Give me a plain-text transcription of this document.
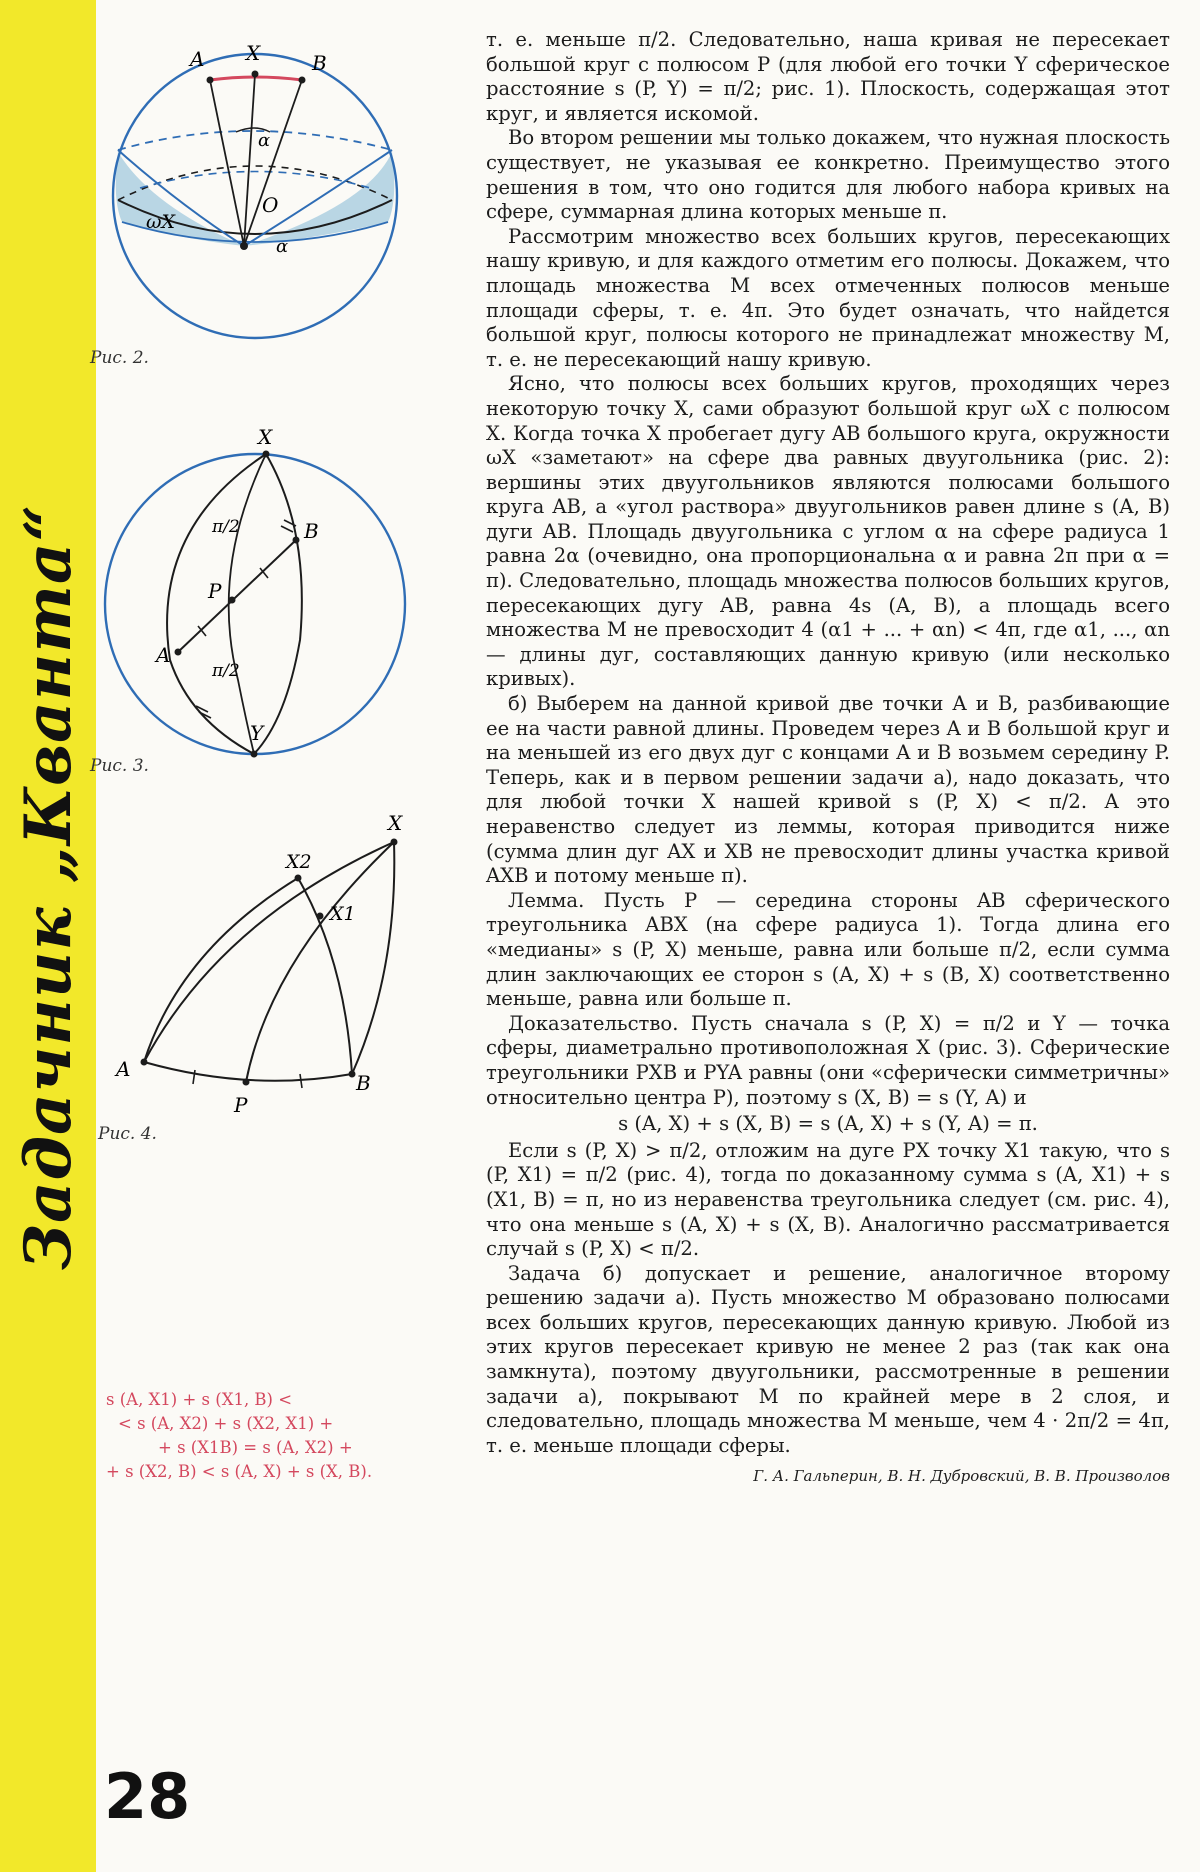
28
A X	B
α
O
ωX
α
Рис. 2.
X
B
P
A
Y
π/2
π/2
Рис. 3.
X
X2
X1
A
P
B
Рис. 4.
s (A, X1) + s (X1, B) <
< s (A, X2) + s (X2, X1) +
+ s (X1B) = s (A, X2) +
+ s (X2, B) < s (A, X) + s (X, B).

т. е. меньше π/2. Следовательно, наша кривая не пересекает большой круг с полюсом P (для любой его точки Y сферическое расстояние s (P, Y) = π/2; рис. 1). Плоскость, содержащая этот круг, и является искомой.

Во втором решении мы только докажем, что нужная плоскость существует, не указывая ее конкретно. Преимущество этого решения в том, что оно годится для любого набора кривых на сфере, суммарная длина которых меньше π.

Рассмотрим множество всех больших кругов, пересекающих нашу кривую, и для каждого отметим его полюсы. Докажем, что площадь множества M всех отмеченных полюсов меньше площади сферы, т. е. 4π. Это будет означать, что найдется большой круг, полюсы которого не принадлежат множеству M, т. е. не пересекающий нашу кривую.

Ясно, что полюсы всех больших кругов, проходящих через некоторую точку X, сами образуют большой круг ωX с полюсом X. Когда точка X пробегает дугу AB большого круга, окружности ωX «заметают» на сфере два равных двуугольника (рис. 2): вершины этих двуугольников являются полюсами большого круга AB, а «угол раствора» двуугольников равен длине s (A, B) дуги AB. Площадь двуугольника с углом α на сфере радиуса 1 равна 2α (очевидно, она пропорциональна α и равна 2π при α = π). Следовательно, площадь множества полюсов больших кругов, пересекающих дугу AB, равна 4s (A, B), а площадь всего множества M не превосходит 4 (α1 + ... + αn) < 4π, где α1, ..., αn — длины дуг, составляющих данную кривую (или несколько кривых).

б) Выберем на данной кривой две точки A и B, разбивающие ее на части равной длины. Проведем через A и B большой круг и на меньшей из его двух дуг с концами A и B возьмем середину P. Теперь, как и в первом решении задачи а), надо доказать, что для любой точки X нашей кривой s (P, X) < π/2. А это неравенство следует из леммы, которая приводится ниже (сумма длин дуг AX и XB не превосходит длины участка кривой AXB и потому меньше π).

Лемма. Пусть P — середина стороны AB сферического треугольника ABX (на сфере радиуса 1). Тогда длина его «медианы» s (P, X) меньше, равна или больше π/2, если сумма длин заключающих ее сторон s (A, X) + s (B, X) соответственно меньше, равна или больше π.

Доказательство. Пусть сначала s (P, X) = π/2 и Y — точка сферы, диаметрально противоположная X (рис. 3). Сферические треугольники PXB и PYA равны (они «сферически симметричны» относительно центра P), поэтому s (X, B) = s (Y, A) и

s (A, X) + s (X, B) = s (A, X) + s (Y, A) = π.

Если s (P, X) > π/2, отложим на дуге PX точку X1 такую, что s (P, X1) = π/2 (рис. 4), тогда по доказанному сумма s (A, X1) + s (X1, B) = π, но из неравенства треугольника следует (см. рис. 4), что она меньше s (A, X) + s (X, B). Аналогично рассматривается случай s (P, X) < π/2.

Задача б) допускает и решение, аналогичное второму решению задачи а). Пусть множество M образовано полюсами всех больших кругов, пересекающих данную кривую. Любой из этих кругов пересекает кривую не менее 2 раз (так как она замкнута), поэтому двуугольники, рассмотренные в решении задачи а), покрывают M по крайней мере в 2 слоя, и следовательно, площадь множества M меньше, чем 4 · 2π/2 = 4π, т. е. меньше площади сферы.

Г. А. Гальперин, В. Н. Дубровский, В. В. Произволов
